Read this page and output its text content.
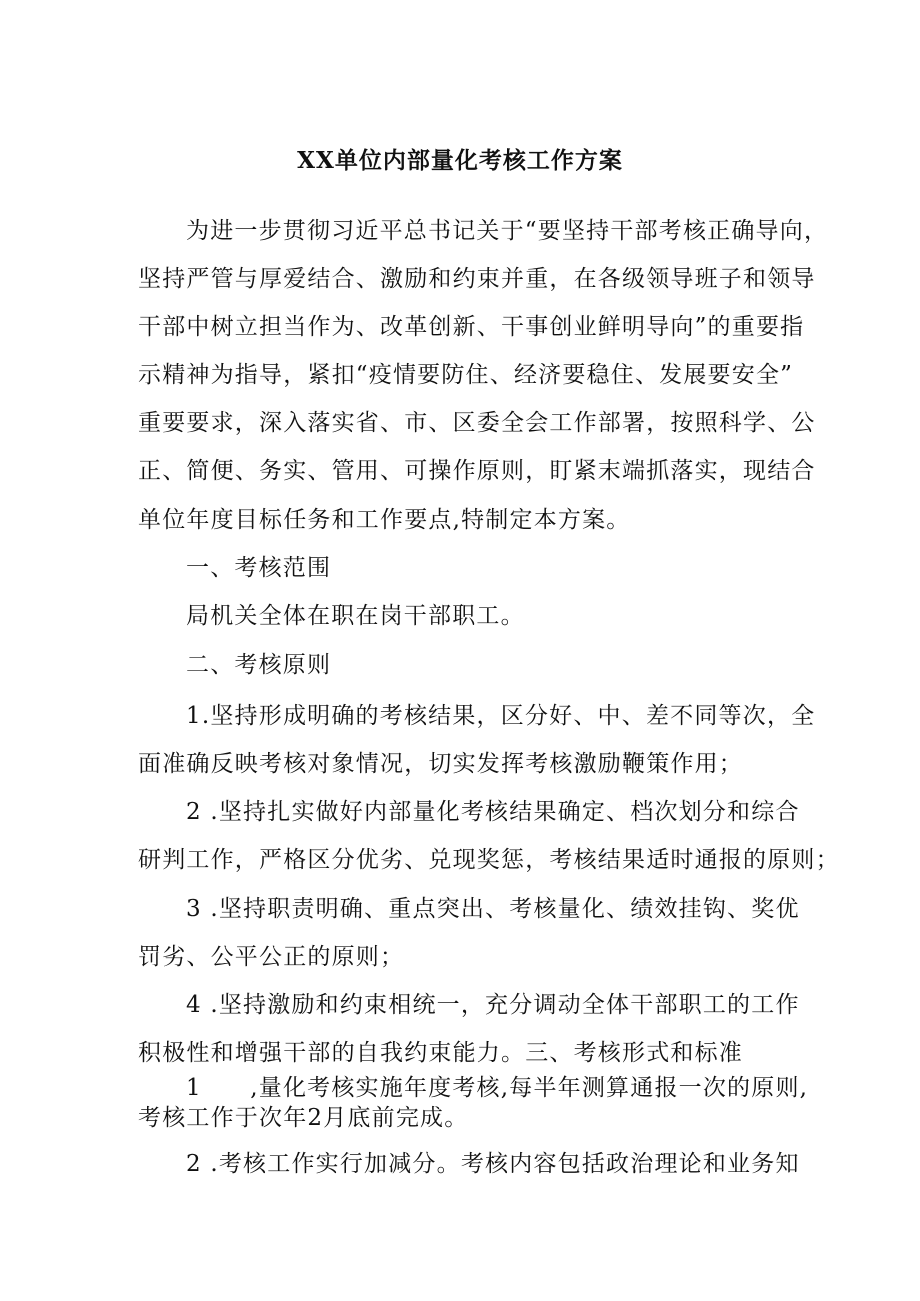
XX单位内部量化考核工作方案
为进一步贯彻习近平总书记关于“要坚持干部考核正确导向，
坚持严管与厚爱结合、激励和约束并重，在各级领导班子和领导
干部中树立担当作为、改革创新、干事创业鲜明导向”的重要指
示精神为指导，紧扣“疫情要防住、经济要稳住、发展要安全”
重要要求，深入落实省、市、区委全会工作部署，按照科学、公
正、简便、务实、管用、可操作原则，盯紧末端抓落实，现结合
单位年度目标任务和工作要点,特制定本方案。
一、考核范围
局机关全体在职在岗干部职工。
二、考核原则
1.坚持形成明确的考核结果，区分好、中、差不同等次，全
面准确反映考核对象情况，切实发挥考核激励鞭策作用；
2 .坚持扎实做好内部量化考核结果确定、档次划分和综合
研判工作，严格区分优劣、兑现奖惩，考核结果适时通报的原则；
3 .坚持职责明确、重点突出、考核量化、绩效挂钩、奖优
罚劣、公平公正的原则；
4 .坚持激励和约束相统一，充分调动全体干部职工的工作
积极性和增强干部的自我约束能力。三、考核形式和标准
1　　,量化考核实施年度考核,每半年测算通报一次的原则,
考核工作于次年2月底前完成。
2 .考核工作实行加减分。考核内容包括政治理论和业务知
